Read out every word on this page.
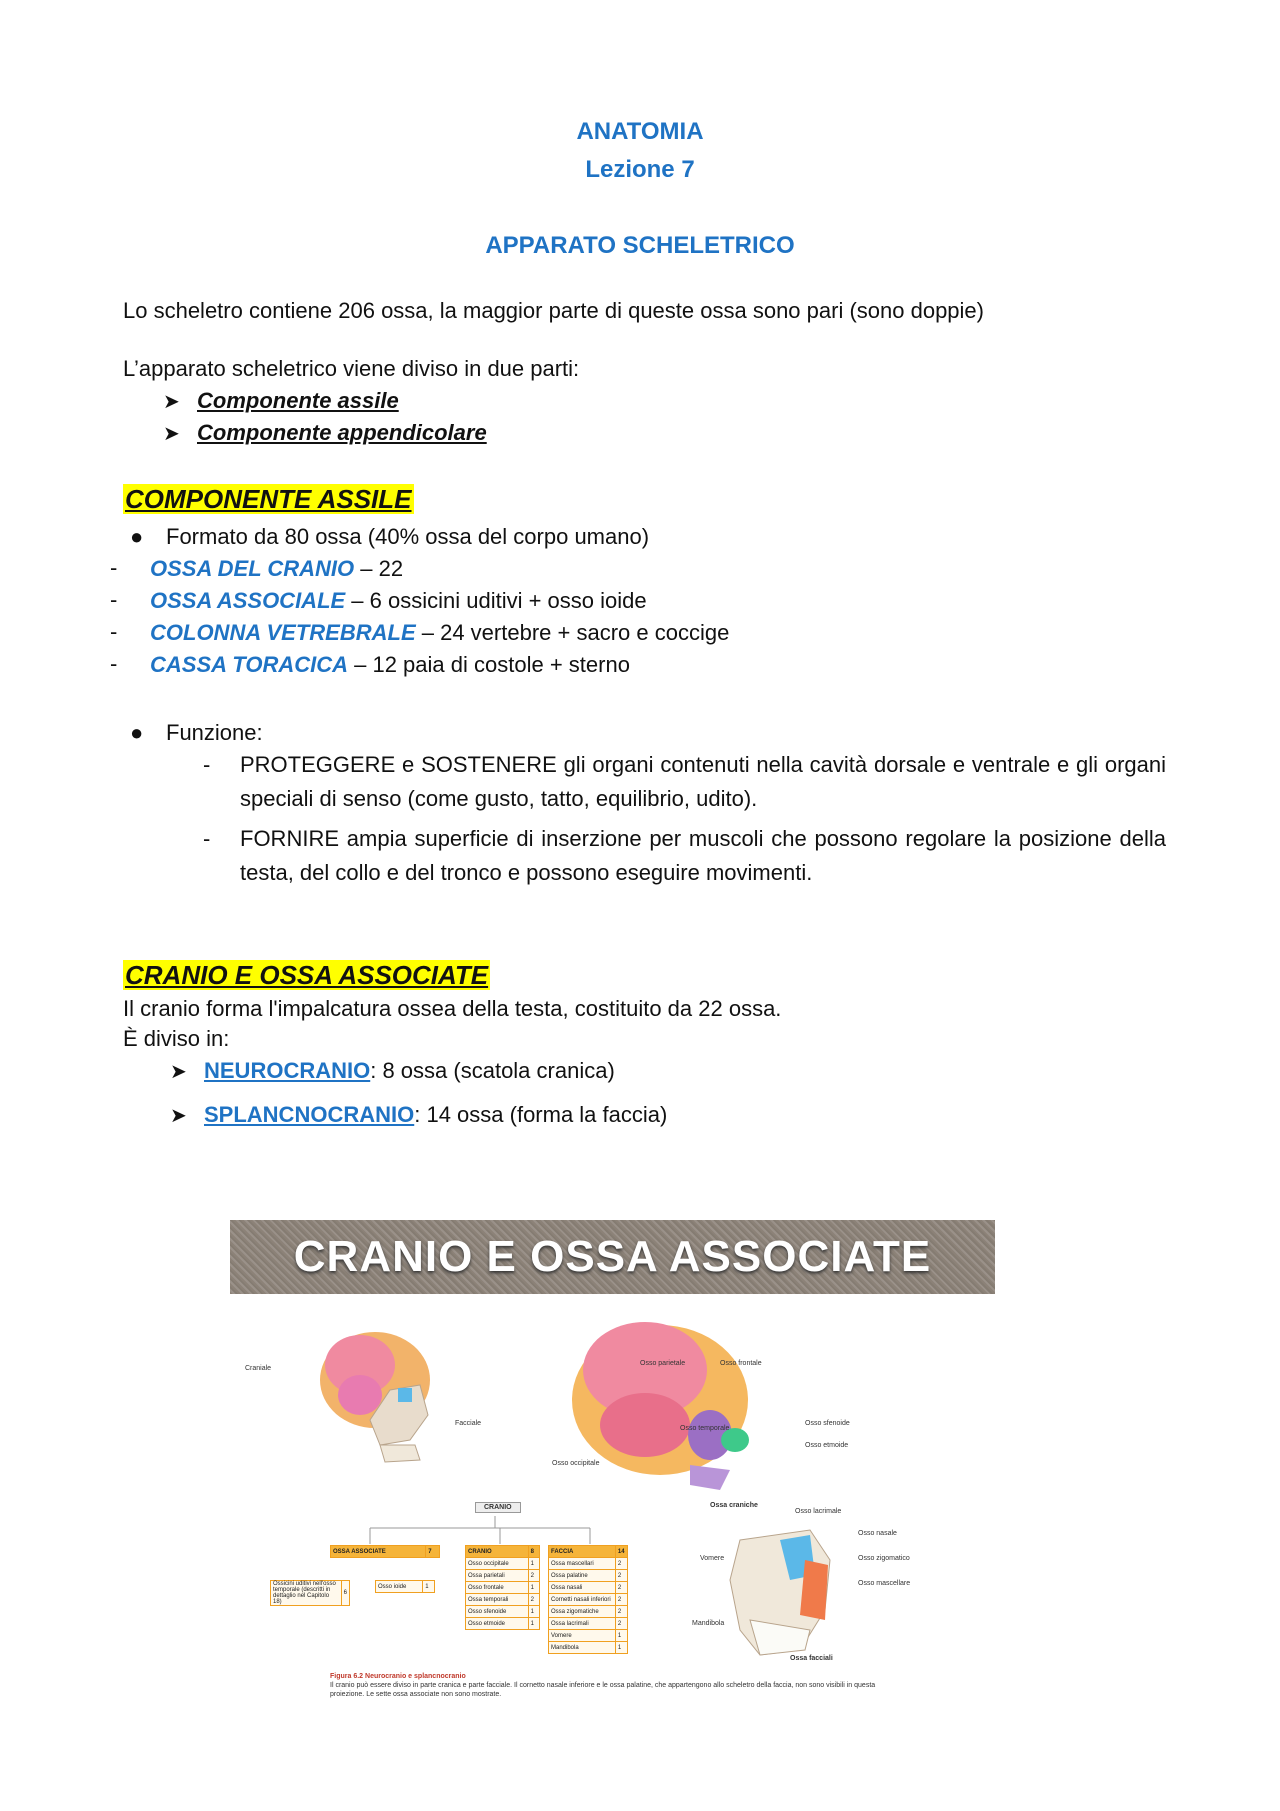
ANATOMIA
Lezione 7
APPARATO SCHELETRICO
Lo scheletro contiene 206 ossa, la maggior parte di queste ossa sono pari (sono doppie)
L’apparato scheletrico viene diviso in due parti:
➤ Componente assile
➤ Componente appendicolare
COMPONENTE ASSILE
● Formato da 80 ossa (40% ossa del corpo umano)
- OSSA DEL CRANIO – 22
- OSSA ASSOCIALE – 6 ossicini uditivi + osso ioide
- COLONNA VETREBRALE – 24 vertebre + sacro e coccige
- CASSA TORACICA – 12 paia di costole + sterno
● Funzione:
- PROTEGGERE e SOSTENERE gli organi contenuti nella cavità dorsale e ventrale e gli organi speciali di senso (come gusto, tatto, equilibrio, udito).
- FORNIRE ampia superficie di inserzione per muscoli che possono regolare la posizione della testa, del collo e del tronco e possono eseguire movimenti.
CRANIO E OSSA ASSOCIATE
Il cranio forma l'impalcatura ossea della testa, costituito da 22 ossa.
È diviso in:
➤ NEUROCRANIO: 8 ossa (scatola cranica)
➤ SPLANCNOCRANIO: 14 ossa (forma la faccia)
CRANIO E OSSA ASSOCIATE
Craniale
Facciale
Osso parietale	Osso frontale
Osso temporale
Osso occipitale
Osso sfenoide
Osso etmoide
Ossa craniche
Osso lacrimale
Osso nasale
Osso zigomatico
Osso mascellare
Vomere
Mandibola
Ossa facciali
CRANIO
OSSA ASSOCIATE	7
Ossicini uditivi nell'osso temporale (descritti in dettaglio nel Capitolo 18)	6
Osso ioide	1
CRANIO	8
Osso occipitale	1
Ossa parietali	2
Osso frontale	1
Ossa temporali	2
Osso sfenoide	1
Osso etmoide	1
FACCIA	14
Ossa mascellari	2
Ossa palatine	2
Ossa nasali	2
Cornetti nasali inferiori	2
Ossa zigomatiche	2
Ossa lacrimali	2
Vomere	1
Mandibola	1
Figura 6.2 Neurocranio e splancnocranio
Il cranio può essere diviso in parte cranica e parte facciale. Il cornetto nasale inferiore e le ossa palatine, che appartengono allo scheletro della faccia, non sono visibili in questa proiezione. Le sette ossa associate non sono mostrate.
